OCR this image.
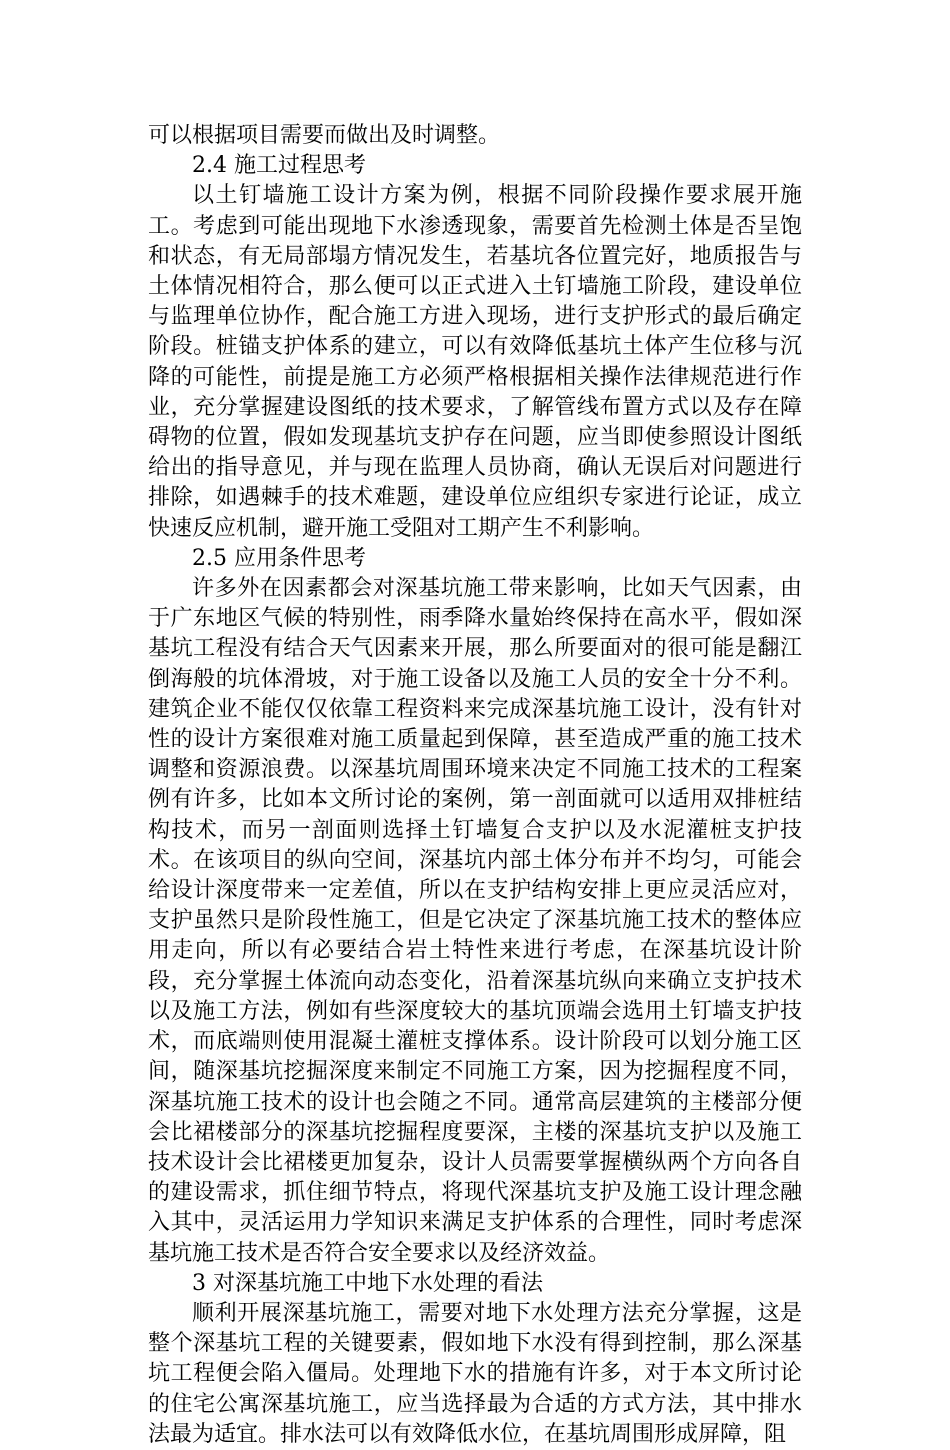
可以根据项目需要而做出及时调整。

2.4 施工过程思考

以土钉墙施工设计方案为例，根据不同阶段操作要求展开施工。考虑到可能出现地下水渗透现象，需要首先检测土体是否呈饱和状态，有无局部塌方情况发生，若基坑各位置完好，地质报告与土体情况相符合，那么便可以正式进入土钉墙施工阶段，建设单位与监理单位协作，配合施工方进入现场，进行支护形式的最后确定阶段。桩锚支护体系的建立，可以有效降低基坑土体产生位移与沉降的可能性，前提是施工方必须严格根据相关操作法律规范进行作业，充分掌握建设图纸的技术要求，了解管线布置方式以及存在障碍物的位置，假如发现基坑支护存在问题，应当即使参照设计图纸给出的指导意见，并与现在监理人员协商，确认无误后对问题进行排除，如遇棘手的技术难题，建设单位应组织专家进行论证，成立快速反应机制，避开施工受阻对工期产生不利影响。

2.5 应用条件思考

许多外在因素都会对深基坑施工带来影响，比如天气因素，由于广东地区气候的特别性，雨季降水量始终保持在高水平，假如深基坑工程没有结合天气因素来开展，那么所要面对的很可能是翻江倒海般的坑体滑坡，对于施工设备以及施工人员的安全十分不利。建筑企业不能仅仅依靠工程资料来完成深基坑施工设计，没有针对性的设计方案很难对施工质量起到保障，甚至造成严重的施工技术调整和资源浪费。以深基坑周围环境来决定不同施工技术的工程案例有许多，比如本文所讨论的案例，第一剖面就可以适用双排桩结构技术，而另一剖面则选择土钉墙复合支护以及水泥灌桩支护技术。在该项目的纵向空间，深基坑内部土体分布并不均匀，可能会给设计深度带来一定差值，所以在支护结构安排上更应灵活应对，支护虽然只是阶段性施工，但是它决定了深基坑施工技术的整体应用走向，所以有必要结合岩土特性来进行考虑，在深基坑设计阶段，充分掌握土体流向动态变化，沿着深基坑纵向来确立支护技术以及施工方法，例如有些深度较大的基坑顶端会选用土钉墙支护技术，而底端则使用混凝土灌桩支撑体系。设计阶段可以划分施工区间，随深基坑挖掘深度来制定不同施工方案，因为挖掘程度不同，深基坑施工技术的设计也会随之不同。通常高层建筑的主楼部分便会比裙楼部分的深基坑挖掘程度要深，主楼的深基坑支护以及施工技术设计会比裙楼更加复杂，设计人员需要掌握横纵两个方向各自的建设需求，抓住细节特点，将现代深基坑支护及施工设计理念融入其中，灵活运用力学知识来满足支护体系的合理性，同时考虑深基坑施工技术是否符合安全要求以及经济效益。

3 对深基坑施工中地下水处理的看法

顺利开展深基坑施工，需要对地下水处理方法充分掌握，这是整个深基坑工程的关键要素，假如地下水没有得到控制，那么深基坑工程便会陷入僵局。处理地下水的措施有许多，对于本文所讨论的住宅公寓深基坑施工，应当选择最为合适的方式方法，其中排水法最为适宜。排水法可以有效降低水位，在基坑周围形成屏障，阻
